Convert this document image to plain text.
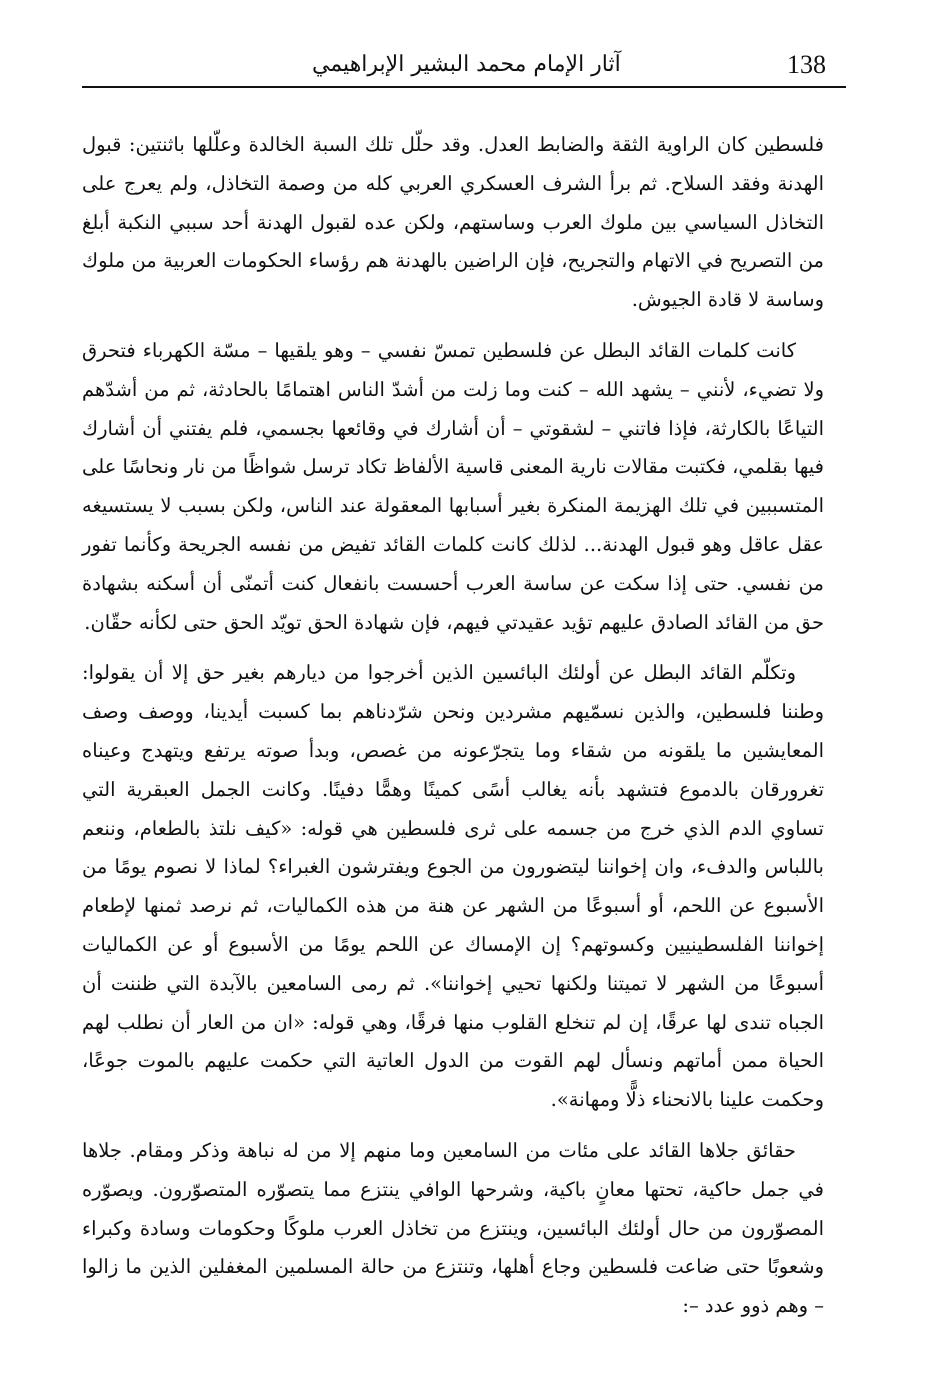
138
آثار الإمام محمد البشير الإبراهيمي

فلسطين كان الراوية الثقة والضابط العدل. وقد حلّل تلك السبة الخالدة وعلّلها باثنتين: قبول الهدنة وفقد السلاح. ثم برأ الشرف العسكري العربي كله من وصمة التخاذل، ولم يعرج على التخاذل السياسي بين ملوك العرب وساستهم، ولكن عده لقبول الهدنة أحد سببي النكبة أبلغ من التصريح في الاتهام والتجريح، فإن الراضين بالهدنة هم رؤساء الحكومات العربية من ملوك وساسة لا قادة الجيوش.

كانت كلمات القائد البطل عن فلسطين تمسّ نفسي – وهو يلقيها – مسّة الكهرباء فتحرق ولا تضيء، لأنني – يشهد الله – كنت وما زلت من أشدّ الناس اهتمامًا بالحادثة، ثم من أشدّهم التياعًا بالكارثة، فإذا فاتني – لشقوتي – أن أشارك في وقائعها بجسمي، فلم يفتني أن أشارك فيها بقلمي، فكتبت مقالات نارية المعنى قاسية الألفاظ تكاد ترسل شواظًا من نار ونحاسًا على المتسببين في تلك الهزيمة المنكرة بغير أسبابها المعقولة عند الناس، ولكن بسبب لا يستسيغه عقل عاقل وهو قبول الهدنة... لذلك كانت كلمات القائد تفيض من نفسه الجريحة وكأنما تفور من نفسي. حتى إذا سكت عن ساسة العرب أحسست بانفعال كنت أتمنّى أن أسكنه بشهادة حق من القائد الصادق عليهم تؤيد عقيدتي فيهم، فإن شهادة الحق تويّد الحق حتى لكأنه حقّان.

وتكلّم القائد البطل عن أولئك البائسين الذين أخرجوا من ديارهم بغير حق إلا أن يقولوا: وطننا فلسطين، والذين نسمّيهم مشردين ونحن شرّدناهم بما كسبت أيدينا، ووصف وصف المعايشين ما يلقونه من شقاء وما يتجرّعونه من غصص، وبدأ صوته يرتفع ويتهدج وعيناه تغرورقان بالدموع فتشهد بأنه يغالب أسًى كمينًا وهمًّا دفينًا. وكانت الجمل العبقرية التي تساوي الدم الذي خرج من جسمه على ثرى فلسطين هي قوله: «كيف نلتذ بالطعام، وننعم باللباس والدفء، وان إخواننا ليتضورون من الجوع ويفترشون الغبراء؟ لماذا لا نصوم يومًا من الأسبوع عن اللحم، أو أسبوعًا من الشهر عن هنة من هذه الكماليات، ثم نرصد ثمنها لإطعام إخواننا الفلسطينيين وكسوتهم؟ إن الإمساك عن اللحم يومًا من الأسبوع أو عن الكماليات أسبوعًا من الشهر لا تميتنا ولكنها تحيي إخواننا». ثم رمى السامعين بالآبدة التي ظننت أن الجباه تندى لها عرقًا، إن لم تنخلع القلوب منها فرقًا، وهي قوله: «ان من العار أن نطلب لهم الحياة ممن أماتهم ونسأل لهم القوت من الدول العاتية التي حكمت عليهم بالموت جوعًا، وحكمت علينا بالانحناء ذلًّا ومهانة».

حقائق جلاها القائد على مئات من السامعين وما منهم إلا من له نباهة وذكر ومقام. جلاها في جمل حاكية، تحتها معانٍ باكية، وشرحها الوافي ينتزع مما يتصوّره المتصوّرون. ويصوّره المصوّرون من حال أولئك البائسين، وينتزع من تخاذل العرب ملوكًا وحكومات وسادة وكبراء وشعوبًا حتى ضاعت فلسطين وجاع أهلها، وتنتزع من حالة المسلمين المغفلين الذين ما زالوا – وهم ذوو عدد –:
